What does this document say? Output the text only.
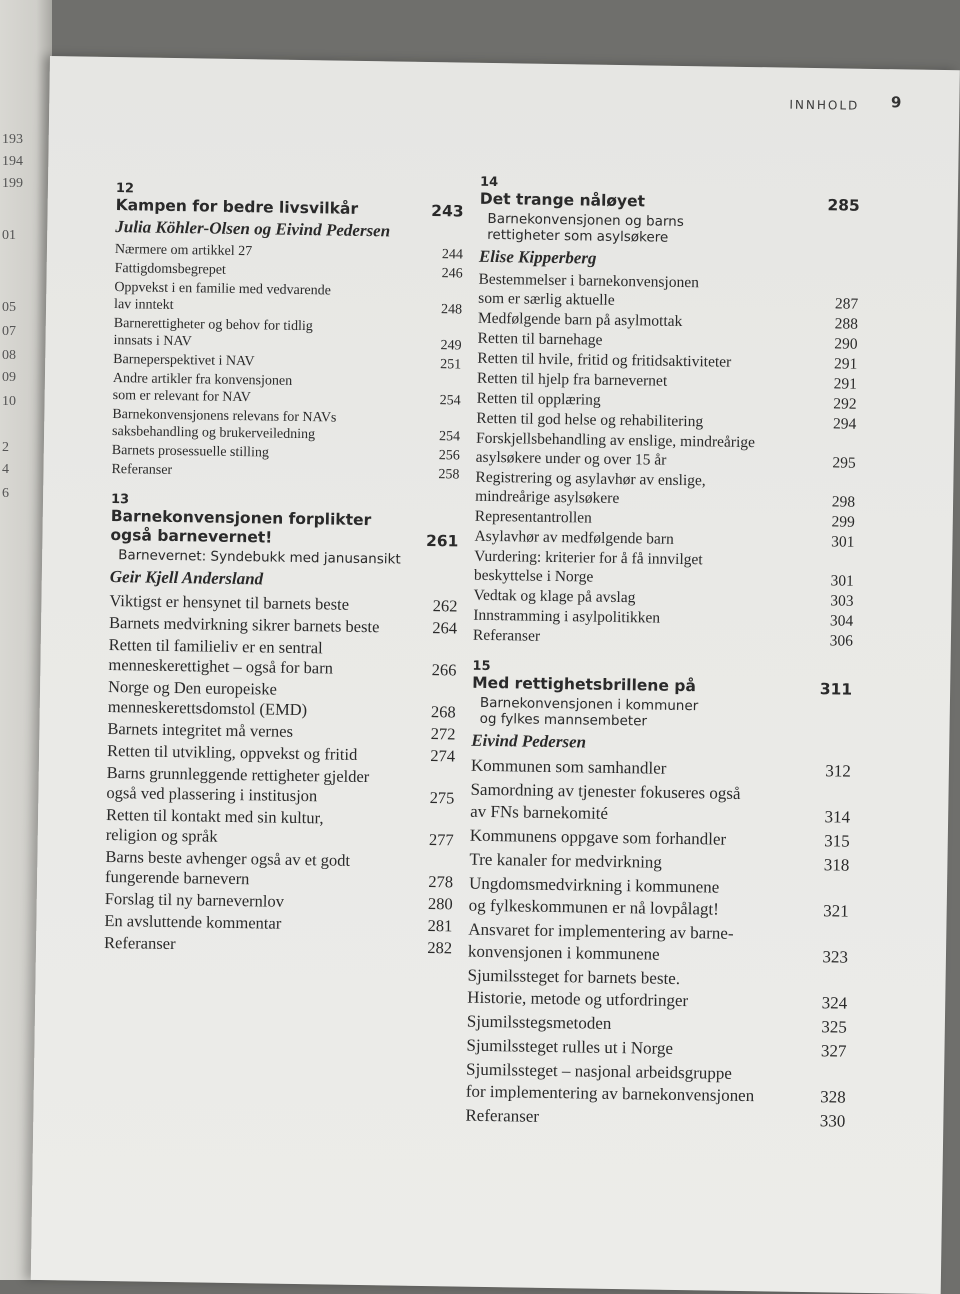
193
194
199
01
05
07
08
09
10
2
4
6
INNHOLD 9
12
Kampen for bedre livsvilkår	243
Julia Köhler-Olsen og Eivind Pedersen
Nærmere om artikkel 27	244
Fattigdomsbegrepet	246
Oppvekst i en familie med vedvarende
lav inntekt	248
Barnerettigheter og behov for tidlig
innsats i NAV	249
Barneperspektivet i NAV	251
Andre artikler fra konvensjonen
som er relevant for NAV	254
Barnekonvensjonens relevans for NAVs
saksbehandling og brukerveiledning	254
Barnets prosessuelle stilling	256
Referanser	258
13
Barnekonvensjonen forplikter
også barnevernet!	261
Barnevernet: Syndebukk med janusansikt
Geir Kjell Andersland
Viktigst er hensynet til barnets beste	262
Barnets medvirkning sikrer barnets beste	264
Retten til familieliv er en sentral
menneskerettighet – også for barn	266
Norge og Den europeiske
menneskerettsdomstol (EMD)	268
Barnets integritet må vernes	272
Retten til utvikling, oppvekst og fritid	274
Barns grunnleggende rettigheter gjelder
også ved plassering i institusjon	275
Retten til kontakt med sin kultur,
religion og språk	277
Barns beste avhenger også av et godt
fungerende barnevern	278
Forslag til ny barnevernlov	280
En avsluttende kommentar	281
Referanser	282
14
Det trange nåløyet	285
Barnekonvensjonen og barns
rettigheter som asylsøkere
Elise Kipperberg
Bestemmelser i barnekonvensjonen
som er særlig aktuelle	287
Medfølgende barn på asylmottak	288
Retten til barnehage	290
Retten til hvile, fritid og fritidsaktiviteter	291
Retten til hjelp fra barnevernet	291
Retten til opplæring	292
Retten til god helse og rehabilitering	294
Forskjellsbehandling av enslige, mindreårige
asylsøkere under og over 15 år	295
Registrering og asylavhør av enslige,
mindreårige asylsøkere	298
Representantrollen	299
Asylavhør av medfølgende barn	301
Vurdering: kriterier for å få innvilget
beskyttelse i Norge	301
Vedtak og klage på avslag	303
Innstramming i asylpolitikken	304
Referanser	306
15
Med rettighetsbrillene på	311
Barnekonvensjonen i kommuner
og fylkes mannsembeter
Eivind Pedersen
Kommunen som samhandler	312
Samordning av tjenester fokuseres også
av FNs barnekomité	314
Kommunens oppgave som forhandler	315
Tre kanaler for medvirkning	318
Ungdomsmedvirkning i kommunene
og fylkeskommunen er nå lovpålagt!	321
Ansvaret for implementering av barne-
konvensjonen i kommunene	323
Sjumilssteget for barnets beste.
Historie, metode og utfordringer	324
Sjumilsstegsmetoden	325
Sjumilssteget rulles ut i Norge	327
Sjumilssteget – nasjonal arbeidsgruppe
for implementering av barnekonvensjonen	328
Referanser	330
